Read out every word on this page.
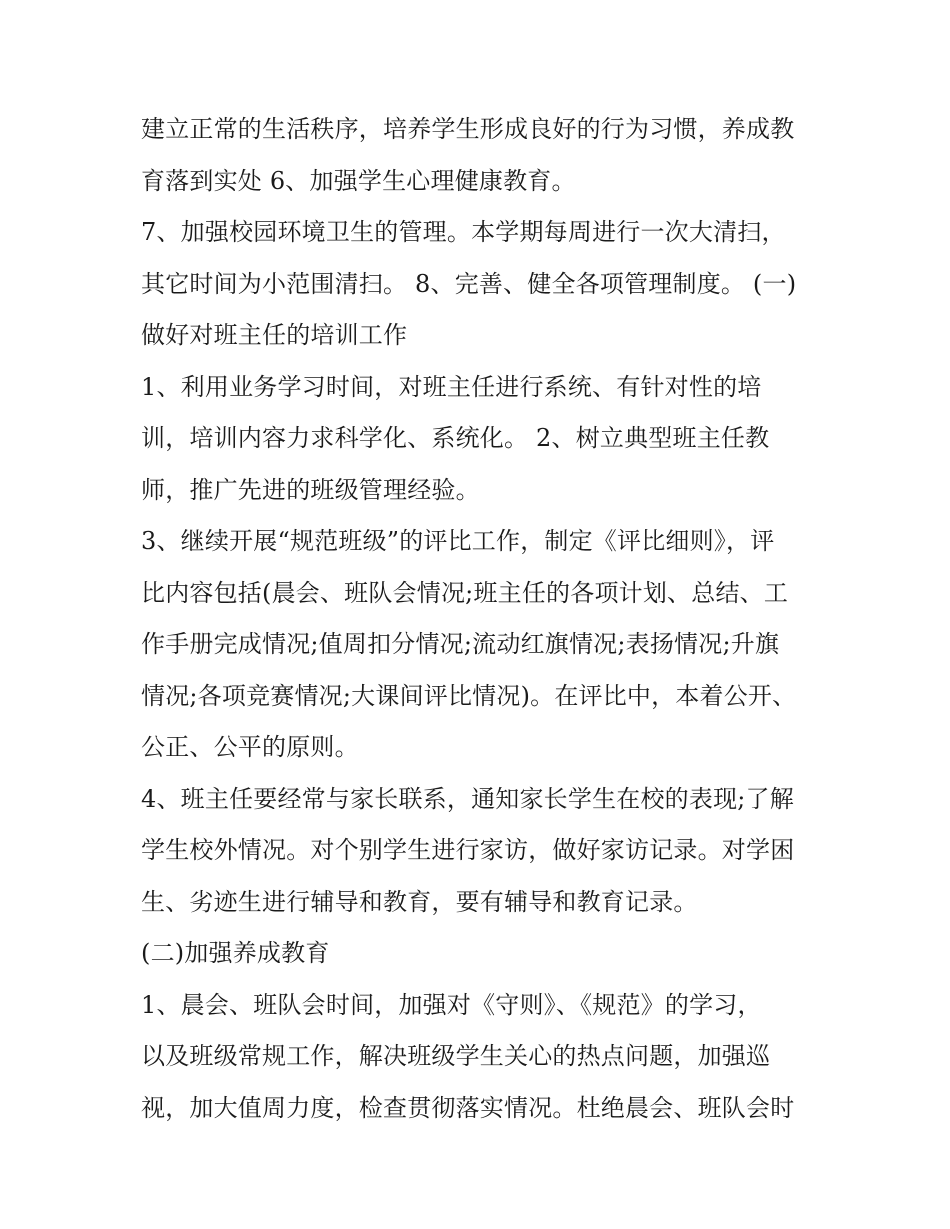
建立正常的生活秩序，培养学生形成良好的行为习惯，养成教
育落到实处 6、加强学生心理健康教育。
7、加强校园环境卫生的管理。本学期每周进行一次大清扫，
其它时间为小范围清扫。 8、完善、健全各项管理制度。 (一)
做好对班主任的培训工作
1、利用业务学习时间，对班主任进行系统、有针对性的培
训，培训内容力求科学化、系统化。 2、树立典型班主任教
师，推广先进的班级管理经验。
3、继续开展“规范班级”的评比工作，制定《评比细则》，评
比内容包括(晨会、班队会情况;班主任的各项计划、总结、工
作手册完成情况;值周扣分情况;流动红旗情况;表扬情况;升旗
情况;各项竞赛情况;大课间评比情况)。在评比中，本着公开、
公正、公平的原则。
4、班主任要经常与家长联系，通知家长学生在校的表现;了解
学生校外情况。对个别学生进行家访，做好家访记录。对学困
生、劣迹生进行辅导和教育，要有辅导和教育记录。
(二)加强养成教育
1、晨会、班队会时间，加强对《守则》、《规范》的学习，
以及班级常规工作，解决班级学生关心的热点问题，加强巡
视，加大值周力度，检查贯彻落实情况。杜绝晨会、班队会时
